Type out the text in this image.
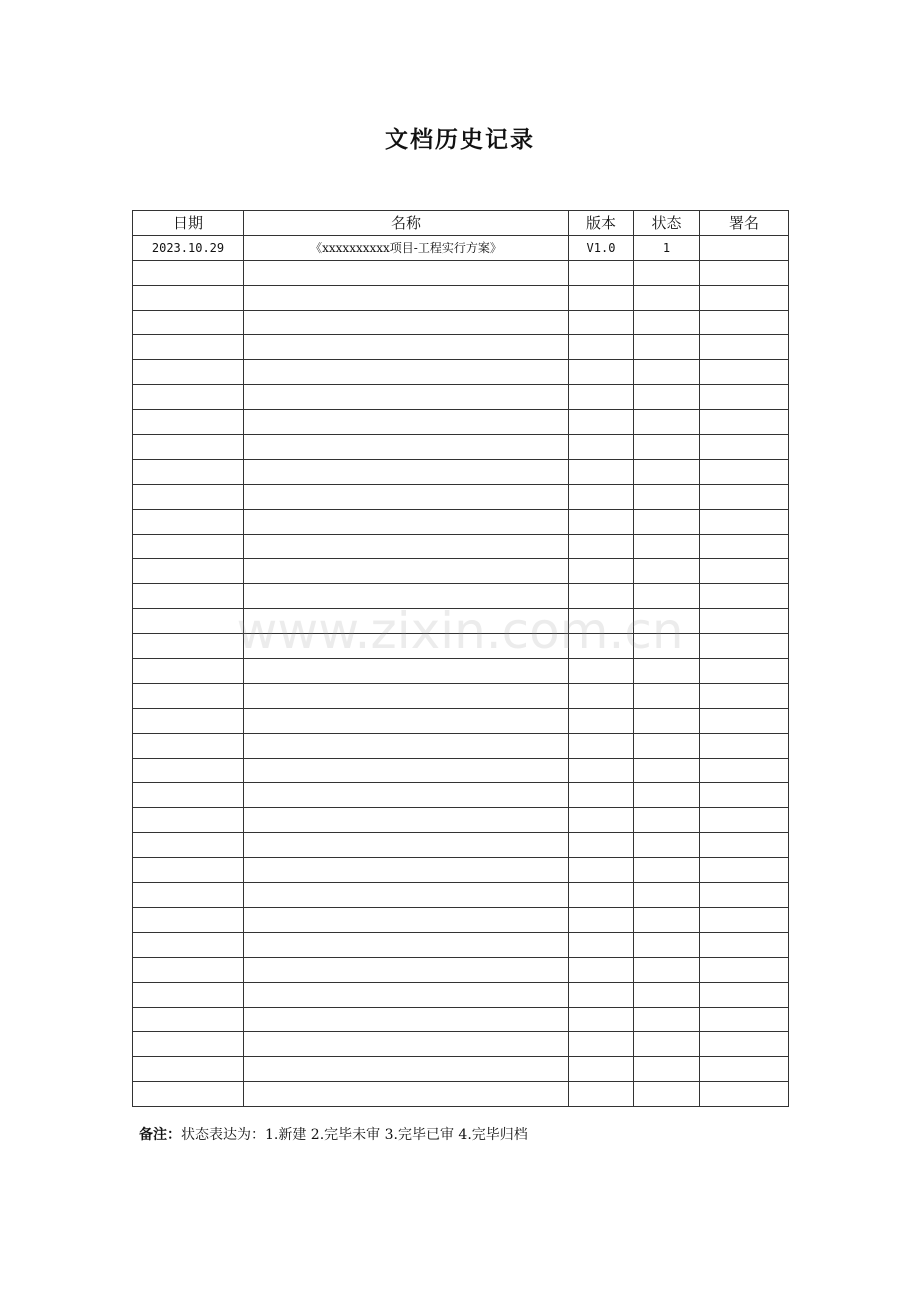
文档历史记录
日期	名称	版本	状态	署名
2023.10.29	《xxxxxxxxxx项目-工程实行方案》	V1.0	1	

www.zixin.com.cn
备注：状态表达为：1.新建 2.完毕未审 3.完毕已审 4.完毕归档
